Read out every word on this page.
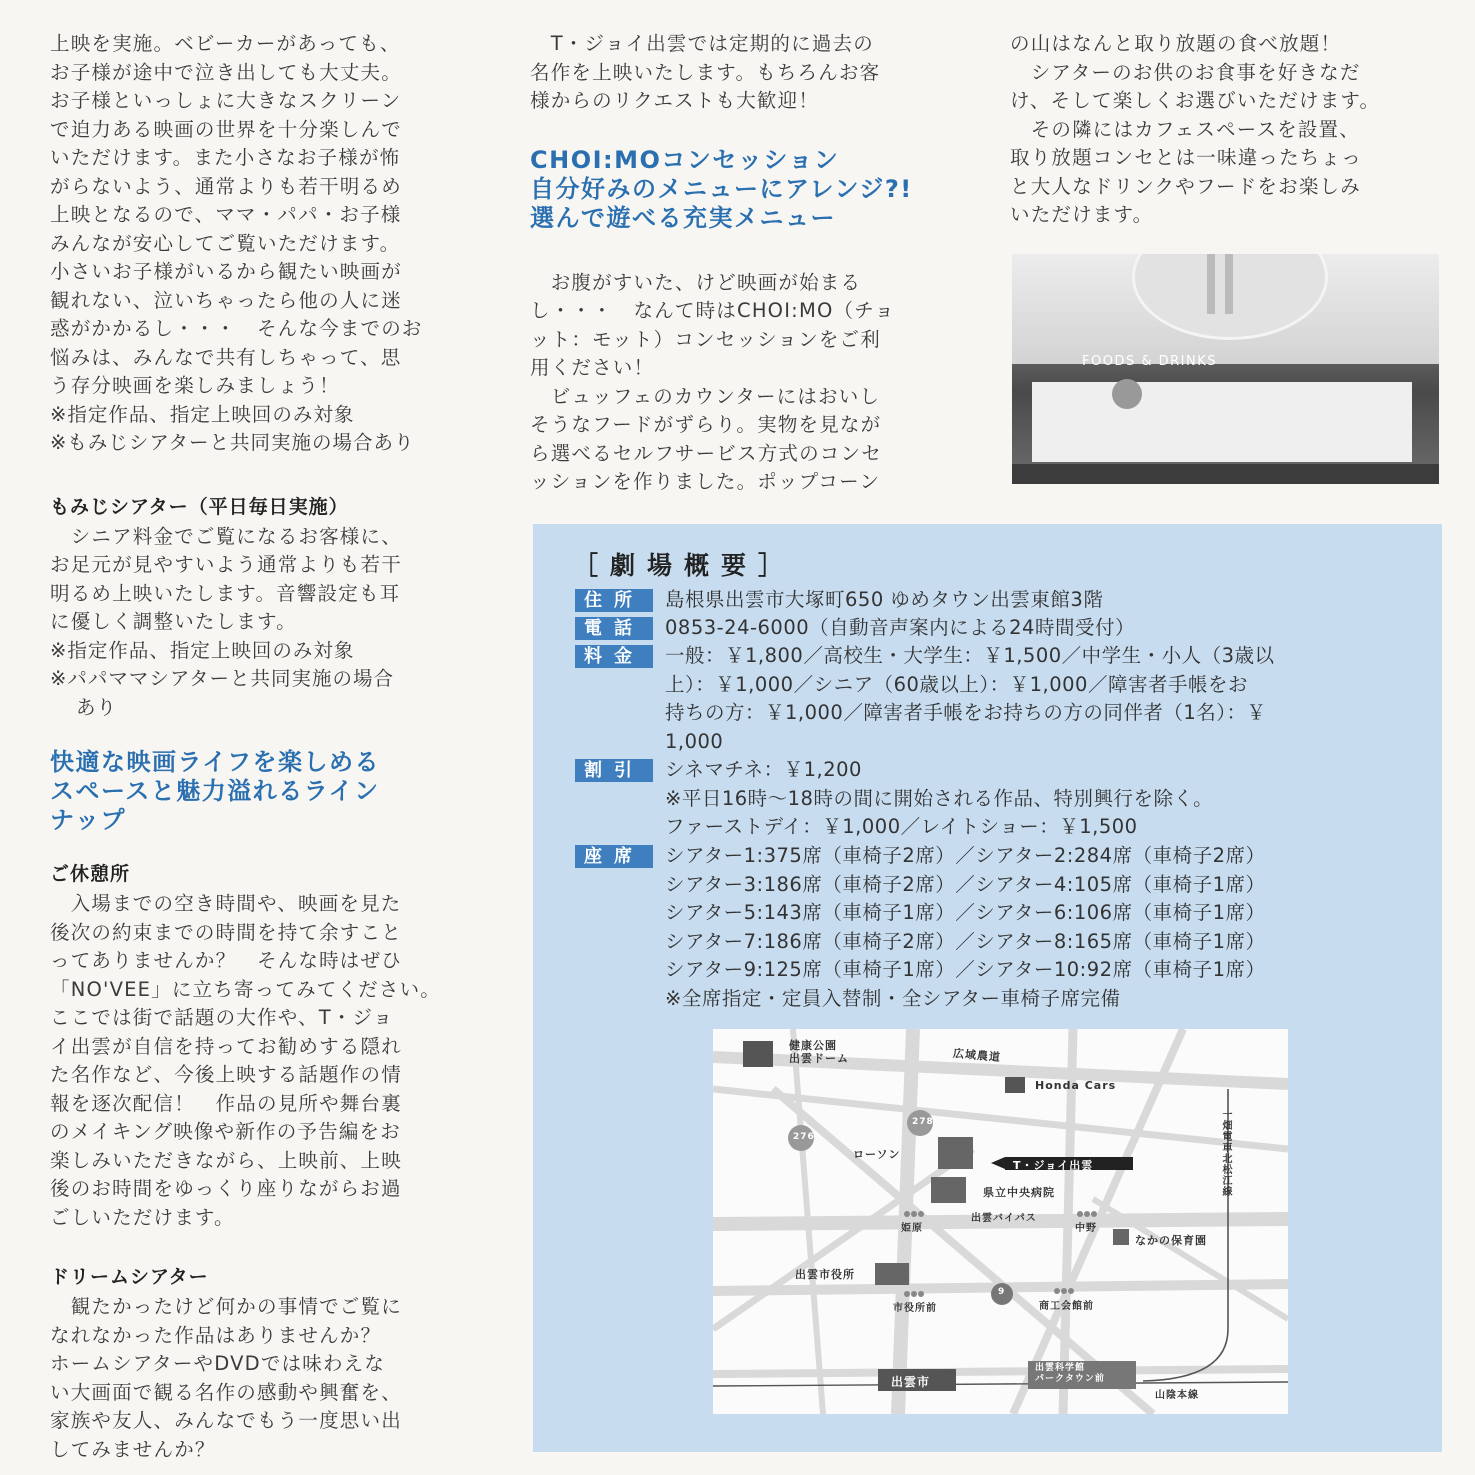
上映を実施。ベビーカーがあっても、
お子様が途中で泣き出しても大丈夫。
お子様といっしょに大きなスクリーン
で迫力ある映画の世界を十分楽しんで
いただけます。また小さなお子様が怖
がらないよう、通常よりも若干明るめ
上映となるので、ママ・パパ・お子様
みんなが安心してご覧いただけます。
小さいお子様がいるから観たい映画が
観れない、泣いちゃったら他の人に迷
惑がかかるし・・・　そんな今までのお
悩みは、みんなで共有しちゃって、思
う存分映画を楽しみましょう！

※指定作品、指定上映回のみ対象

※もみじシアターと共同実施の場合あり

もみじシアター（平日毎日実施）

　シニア料金でご覧になるお客様に、
お足元が見やすいよう通常よりも若干
明るめ上映いたします。音響設定も耳
に優しく調整いたします。

※指定作品、指定上映回のみ対象

※パパママシアターと共同実施の場合

あり

快適な映画ライフを楽しめる
スペースと魅力溢れるライン
ナップ
ご休憩所

　入場までの空き時間や、映画を見た
後次の約束までの時間を持て余すこと
ってありませんか？　そんな時はぜひ
「NO'VEE」に立ち寄ってみてください。
ここでは街で話題の大作や、T・ジョ
イ出雲が自信を持ってお勧めする隠れ
た名作など、今後上映する話題作の情
報を逐次配信！　作品の見所や舞台裏
のメイキング映像や新作の予告編をお
楽しみいただきながら、上映前、上映
後のお時間をゆっくり座りながらお過
ごしいただけます。

ドリームシアター

　観たかったけど何かの事情でご覧に
なれなかった作品はありませんか？
ホームシアターやDVDでは味わえな
い大画面で観る名作の感動や興奮を、
家族や友人、みんなでもう一度思い出
してみませんか？

　T・ジョイ出雲では定期的に過去の
名作を上映いたします。もちろんお客
様からのリクエストも大歓迎！

CHOI:MOコンセッション
自分好みのメニューにアレンジ?!
選んで遊べる充実メニュー

　お腹がすいた、けど映画が始まる
し・・・　なんて時はCHOI:MO（チョ
ット：モット）コンセッションをご利
用ください！
　ビュッフェのカウンターにはおいし
そうなフードがずらり。実物を見なが
ら選べるセルフサービス方式のコンセ
ッションを作りました。ポップコーン

の山はなんと取り放題の食べ放題！
　シアターのお供のお食事を好きなだ
け、そして楽しくお選びいただけます。
　その隣にはカフェスペースを設置、
取り放題コンセとは一味違ったちょっ
と大人なドリンクやフードをお楽しみ
いただけます。

FOODS & DRINKS
［劇場概要］
住所	島根県出雲市大塚町650 ゆめタウン出雲東館3階

電話	0853-24-6000（自動音声案内による24時間受付）

料金	一般：￥1,800／高校生・大学生：￥1,500／中学生・小人（3歳以
上）：￥1,000／シニア（60歳以上）：￥1,000／障害者手帳をお
持ちの方：￥1,000／障害者手帳をお持ちの方の同伴者（1名）：￥
1,000

割引	シネマチネ：￥1,200
※平日16時～18時の間に開始される作品、特別興行を除く。
ファーストデイ：￥1,000／レイトショー：￥1,500

座席	シアター1:375席（車椅子2席）／シアター2:284席（車椅子2席）
シアター3:186席（車椅子2席）／シアター4:105席（車椅子1席）
シアター5:143席（車椅子1席）／シアター6:106席（車椅子1席）
シアター7:186席（車椅子2席）／シアター8:165席（車椅子1席）
シアター9:125席（車椅子1席）／シアター10:92席（車椅子1席）
※全席指定・定員入替制・全シアター車椅子席完備

健康公園
出雲ドーム	広域農道
Honda Cars
278
276
ローソン
T・ジョイ出雲
県立中央病院	一畑電車北松江線
姫原
出雲バイパス
中野
なかの保育園
出雲市役所
9
市役所前	商工会館前
出雲市
出雲科学館
パークタウン前
山陰本線
